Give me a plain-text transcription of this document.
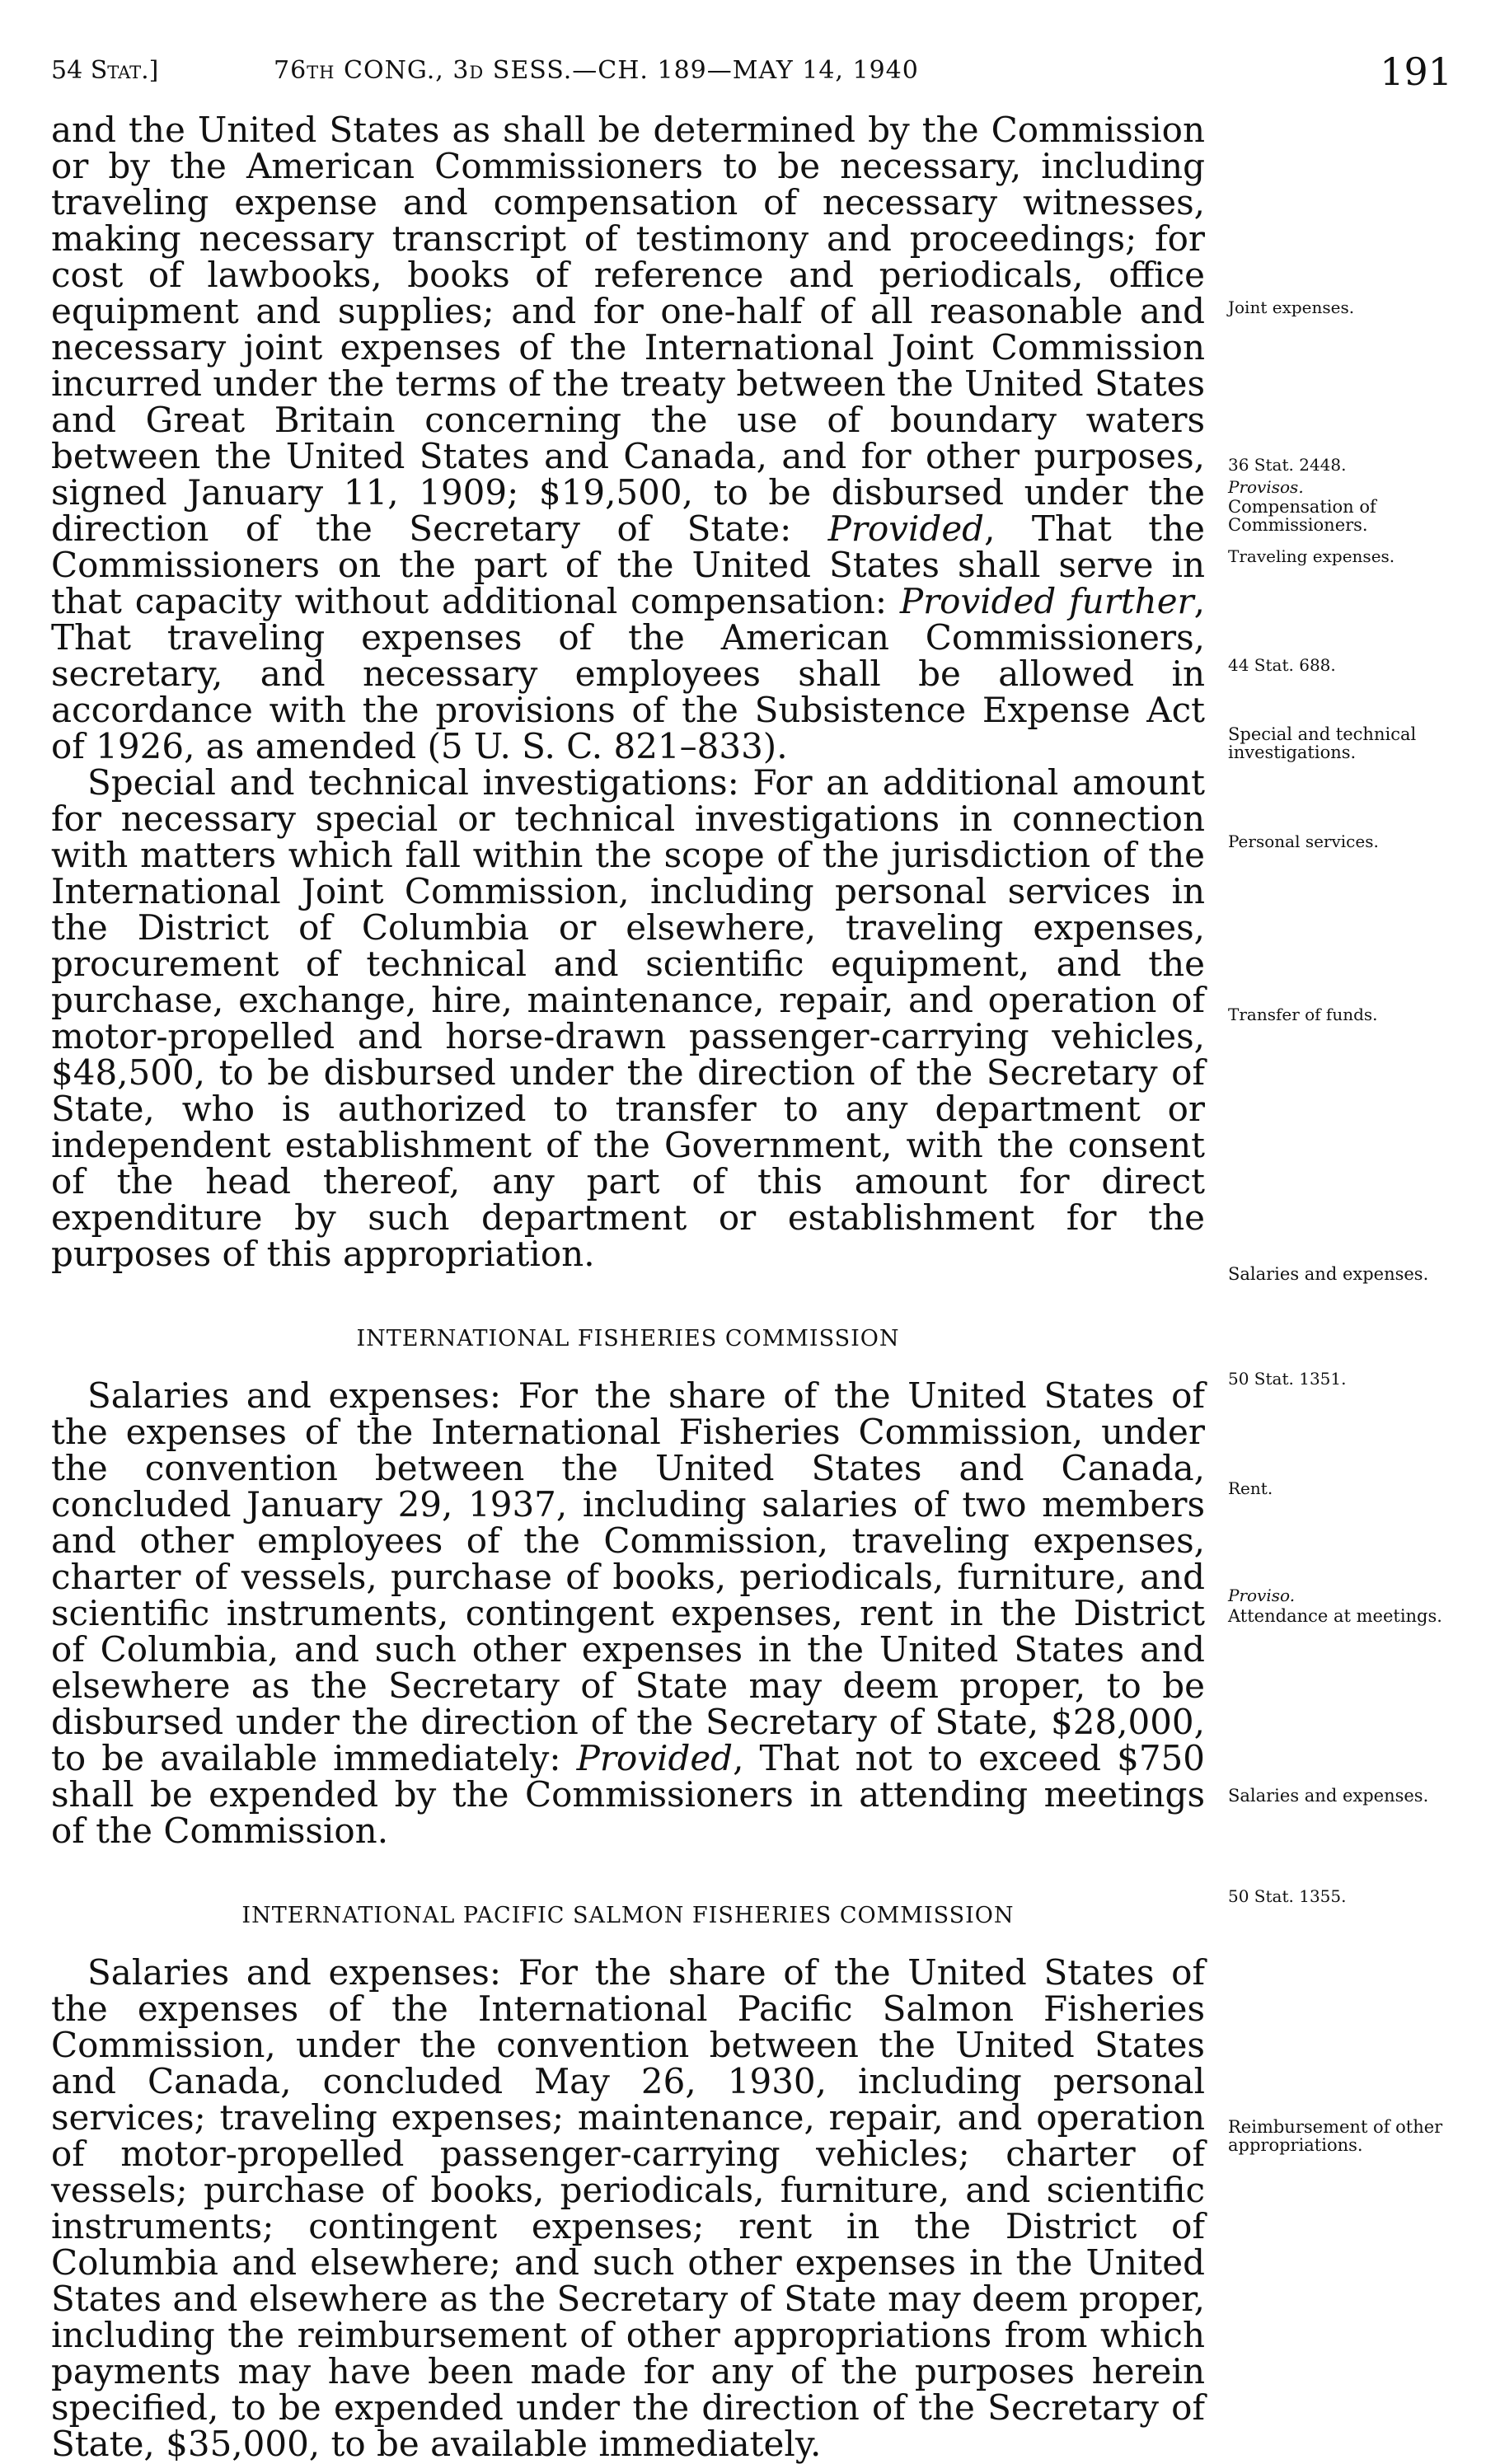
54 Stat.]	76th CONG., 3d SESS.—CH. 189—MAY 14, 1940	191

and the United States as shall be determined by the Commission or by the American Commissioners to be necessary, including traveling expense and compensation of necessary witnesses, making necessary transcript of testimony and proceedings; for cost of lawbooks, books of reference and periodicals, office equipment and supplies; and for one-half of all reasonable and necessary joint expenses of the International Joint Commission incurred under the terms of the treaty between the United States and Great Britain concerning the use of boundary waters between the United States and Canada, and for other purposes, signed January 11, 1909; $19,500, to be disbursed under the direction of the Secretary of State: Provided, That the Commissioners on the part of the United States shall serve in that capacity without additional compensation: Provided further, That traveling expenses of the American Commissioners, secretary, and necessary employees shall be allowed in accordance with the provisions of the Subsistence Expense Act of 1926, as amended (5 U. S. C. 821–833).

Special and technical investigations: For an additional amount for necessary special or technical investigations in connection with matters which fall within the scope of the jurisdiction of the International Joint Commission, including personal services in the District of Columbia or elsewhere, traveling expenses, procurement of technical and scientific equipment, and the purchase, exchange, hire, maintenance, repair, and operation of motor-propelled and horse-drawn passenger-carrying vehicles, $48,500, to be disbursed under the direction of the Secretary of State, who is authorized to transfer to any department or independent establishment of the Government, with the consent of the head thereof, any part of this amount for direct expenditure by such department or establishment for the purposes of this appropriation.

INTERNATIONAL FISHERIES COMMISSION

Salaries and expenses: For the share of the United States of the expenses of the International Fisheries Commission, under the convention between the United States and Canada, concluded January 29, 1937, including salaries of two members and other employees of the Commission, traveling expenses, charter of vessels, purchase of books, periodicals, furniture, and scientific instruments, contingent expenses, rent in the District of Columbia, and such other expenses in the United States and elsewhere as the Secretary of State may deem proper, to be disbursed under the direction of the Secretary of State, $28,000, to be available immediately: Provided, That not to exceed $750 shall be expended by the Commissioners in attending meetings of the Commission.

INTERNATIONAL PACIFIC SALMON FISHERIES COMMISSION

Salaries and expenses: For the share of the United States of the expenses of the International Pacific Salmon Fisheries Commission, under the convention between the United States and Canada, concluded May 26, 1930, including personal services; traveling expenses; maintenance, repair, and operation of motor-propelled passenger-carrying vehicles; charter of vessels; purchase of books, periodicals, furniture, and scientific instruments; contingent expenses; rent in the District of Columbia and elsewhere; and such other expenses in the United States and elsewhere as the Secretary of State may deem proper, including the reimbursement of other appropriations from which payments may have been made for any of the purposes herein specified, to be expended under the direction of the Secretary of State, $35,000, to be available immediately.

Joint expenses.
36 Stat. 2448.
Provisos.
Compensation of Commissioners.
Traveling expenses.
44 Stat. 688.
Special and technical investigations.
Personal services.
Transfer of funds.
Salaries and expenses.
50 Stat. 1351.
Rent.
Proviso.
Attendance at meetings.
Salaries and expenses.
50 Stat. 1355.
Reimbursement of other appropriations.
